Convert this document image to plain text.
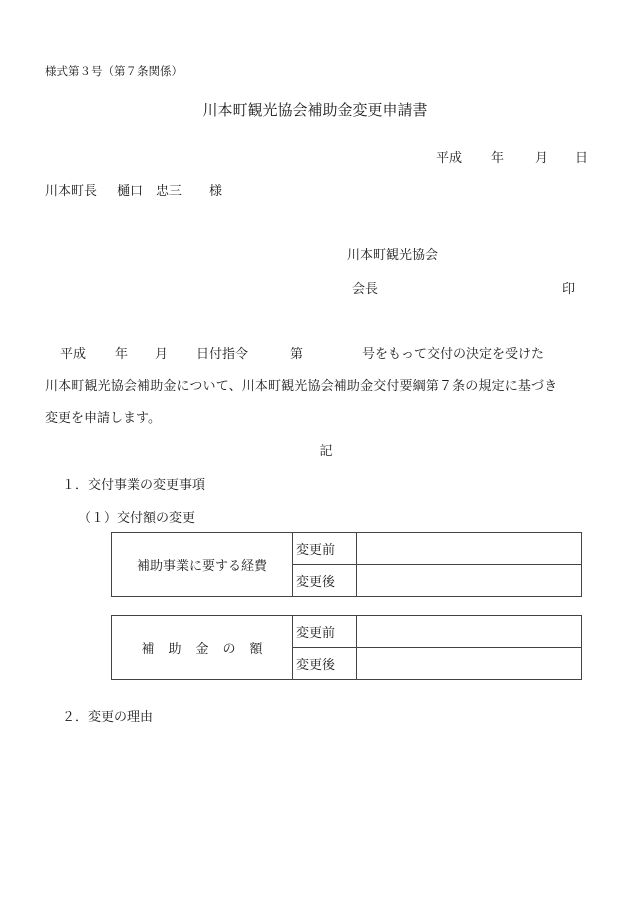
様式第３号（第７条関係）
川本町観光協会補助金変更申請書
平成 年 月 日
川本町長 樋口　忠三 様
川本町観光協会
会長	印
平成 年 月 日付指令	第	号をもって交付の決定を受けた
川本町観光協会補助金について、川本町観光協会補助金交付要綱第７条の規定に基づき
変更を申請します。
記
１．交付事業の変更事項
（１）交付額の変更
補助事業に要する経費	変更前	
	変更後	
補 助 金 の 額	変更前	
	変更後	
２．変更の理由
